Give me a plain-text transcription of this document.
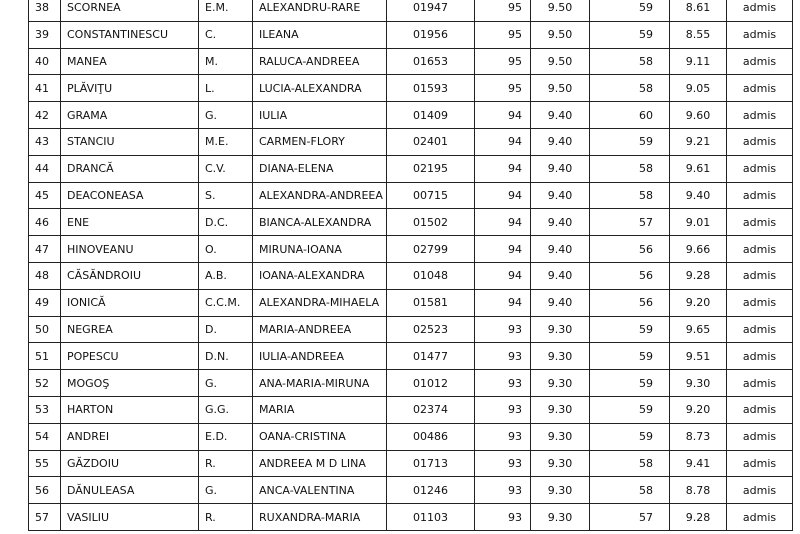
38	SCORNEA	E.M.	ALEXANDRU-RARE	01947	95	9.50	59	8.61	admis
39	CONSTANTINESCU	C.	ILEANA	01956	95	9.50	59	8.55	admis
40	MANEA	M.	RALUCA-ANDREEA	01653	95	9.50	58	9.11	admis
41	PLĂVIŢU	L.	LUCIA-ALEXANDRA	01593	95	9.50	58	9.05	admis
42	GRAMA	G.	IULIA	01409	94	9.40	60	9.60	admis
43	STANCIU	M.E.	CARMEN-FLORY	02401	94	9.40	59	9.21	admis
44	DRANCĂ	C.V.	DIANA-ELENA	02195	94	9.40	58	9.61	admis
45	DEACONEASA	S.	ALEXANDRA-ANDREEA	00715	94	9.40	58	9.40	admis
46	ENE	D.C.	BIANCA-ALEXANDRA	01502	94	9.40	57	9.01	admis
47	HINOVEANU	O.	MIRUNA-IOANA	02799	94	9.40	56	9.66	admis
48	CĂSĂNDROIU	A.B.	IOANA-ALEXANDRA	01048	94	9.40	56	9.28	admis
49	IONICĂ	C.C.M.	ALEXANDRA-MIHAELA	01581	94	9.40	56	9.20	admis
50	NEGREA	D.	MARIA-ANDREEA	02523	93	9.30	59	9.65	admis
51	POPESCU	D.N.	IULIA-ANDREEA	01477	93	9.30	59	9.51	admis
52	MOGOŞ	G.	ANA-MARIA-MIRUNA	01012	93	9.30	59	9.30	admis
53	HARTON	G.G.	MARIA	02374	93	9.30	59	9.20	admis
54	ANDREI	E.D.	OANA-CRISTINA	00486	93	9.30	59	8.73	admis
55	GĂZDOIU	R.	ANDREEA M D LINA	01713	93	9.30	58	9.41	admis
56	DĂNULEASA	G.	ANCA-VALENTINA	01246	93	9.30	58	8.78	admis
57	VASILIU	R.	RUXANDRA-MARIA	01103	93	9.30	57	9.28	admis
